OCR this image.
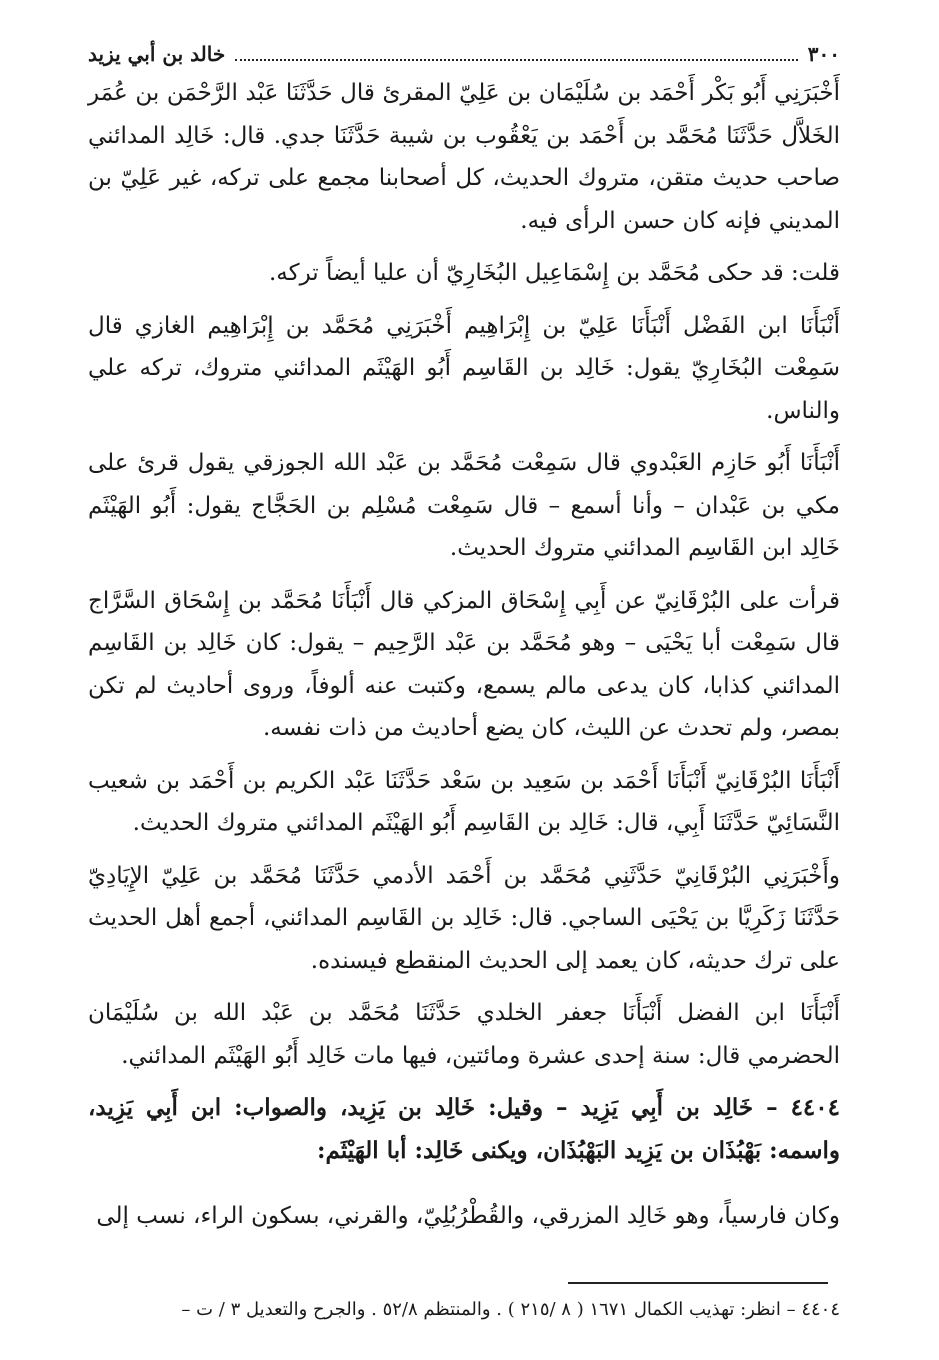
٣٠٠
خالد بن أبي يزيد

أَخْبَرَنِي أَبُو بَكْر أَحْمَد بن سُلَيْمَان بن عَلِيّ المقرئ قال حَدَّثَنَا عَبْد الرَّحْمَن بن عُمَر الخَلاَّل حَدَّثَنَا مُحَمَّد بن أَحْمَد بن يَعْقُوب بن شيبة حَدَّثَنَا جدي. قال: خَالِد المدائني صاحب حديث متقن، متروك الحديث، كل أصحابنا مجمع على تركه، غير عَلِيّ بن المديني فإنه كان حسن الرأى فيه.

قلت: قد حكى مُحَمَّد بن إِسْمَاعِيل البُخَارِيّ أن عليا أيضاً تركه.

أَنْبَأَنَا ابن الفَضْل أَنْبَأَنَا عَلِيّ بن إِبْرَاهِيم أَخْبَرَنِي مُحَمَّد بن إِبْرَاهِيم الغازي قال سَمِعْت البُخَارِيّ يقول: خَالِد بن القَاسِم أَبُو الهَيْثَم المدائني متروك، تركه علي والناس.

أَنْبَأَنَا أَبُو حَازِم العَبْدوي قال سَمِعْت مُحَمَّد بن عَبْد الله الجوزقي يقول قرئ على مكي بن عَبْدان – وأنا أسمع – قال سَمِعْت مُسْلِم بن الحَجَّاج يقول: أَبُو الهَيْثَم خَالِد ابن القَاسِم المدائني متروك الحديث.

قرأت على البُرْقَانِيّ عن أَبِي إِسْحَاق المزكي قال أَنْبَأَنَا مُحَمَّد بن إِسْحَاق السَّرَّاج قال سَمِعْت أبا يَحْيَى – وهو مُحَمَّد بن عَبْد الرَّحِيم – يقول: كان خَالِد بن القَاسِم المدائني كذابا، كان يدعى مالم يسمع، وكتبت عنه ألوفاً، وروى أحاديث لم تكن بمصر، ولم تحدث عن الليث، كان يضع أحاديث من ذات نفسه.

أَنْبَأَنَا البُرْقَانِيّ أَنْبَأَنَا أَحْمَد بن سَعِيد بن سَعْد حَدَّثَنَا عَبْد الكريم بن أَحْمَد بن شعيب النَّسَائِيّ حَدَّثَنَا أَبِي، قال: خَالِد بن القَاسِم أَبُو الهَيْثَم المدائني متروك الحديث.

وأَخْبَرَنِي البُرْقَانِيّ حَدَّثَنِي مُحَمَّد بن أَحْمَد الأدمي حَدَّثَنَا مُحَمَّد بن عَلِيّ الإِيَادِيّ حَدَّثَنَا زَكَرِيَّا بن يَحْيَى الساجي. قال: خَالِد بن القَاسِم المدائني، أجمع أهل الحديث على ترك حديثه، كان يعمد إلى الحديث المنقطع فيسنده.

أَنْبَأَنَا ابن الفضل أَنْبَأَنَا جعفر الخلدي حَدَّثَنَا مُحَمَّد بن عَبْد الله بن سُلَيْمَان الحضرمي قال: سنة إحدى عشرة ومائتين، فيها مات خَالِد أَبُو الهَيْثَم المدائني.

٤٤٠٤ – خَالِد بن أَبِي يَزِيد – وقيل: خَالِد بن يَزِيد، والصواب: ابن أَبِي يَزِيد، واسمه: بَهْبُذَان بن يَزِيد البَهْبُذَان، ويكنى خَالِد: أبا الهَيْثَم:

وكان فارسياً، وهو خَالِد المزرقي، والقُطْرُبُلِيّ، والقرني، بسكون الراء، نسب إلى

٤٤٠٤ – انظر: تهذيب الكمال ١٦٧١ ( ٨ /٢١٥ ) . والمنتظم ٥٢/٨ . والجرح والتعديل ٣ / ت –
